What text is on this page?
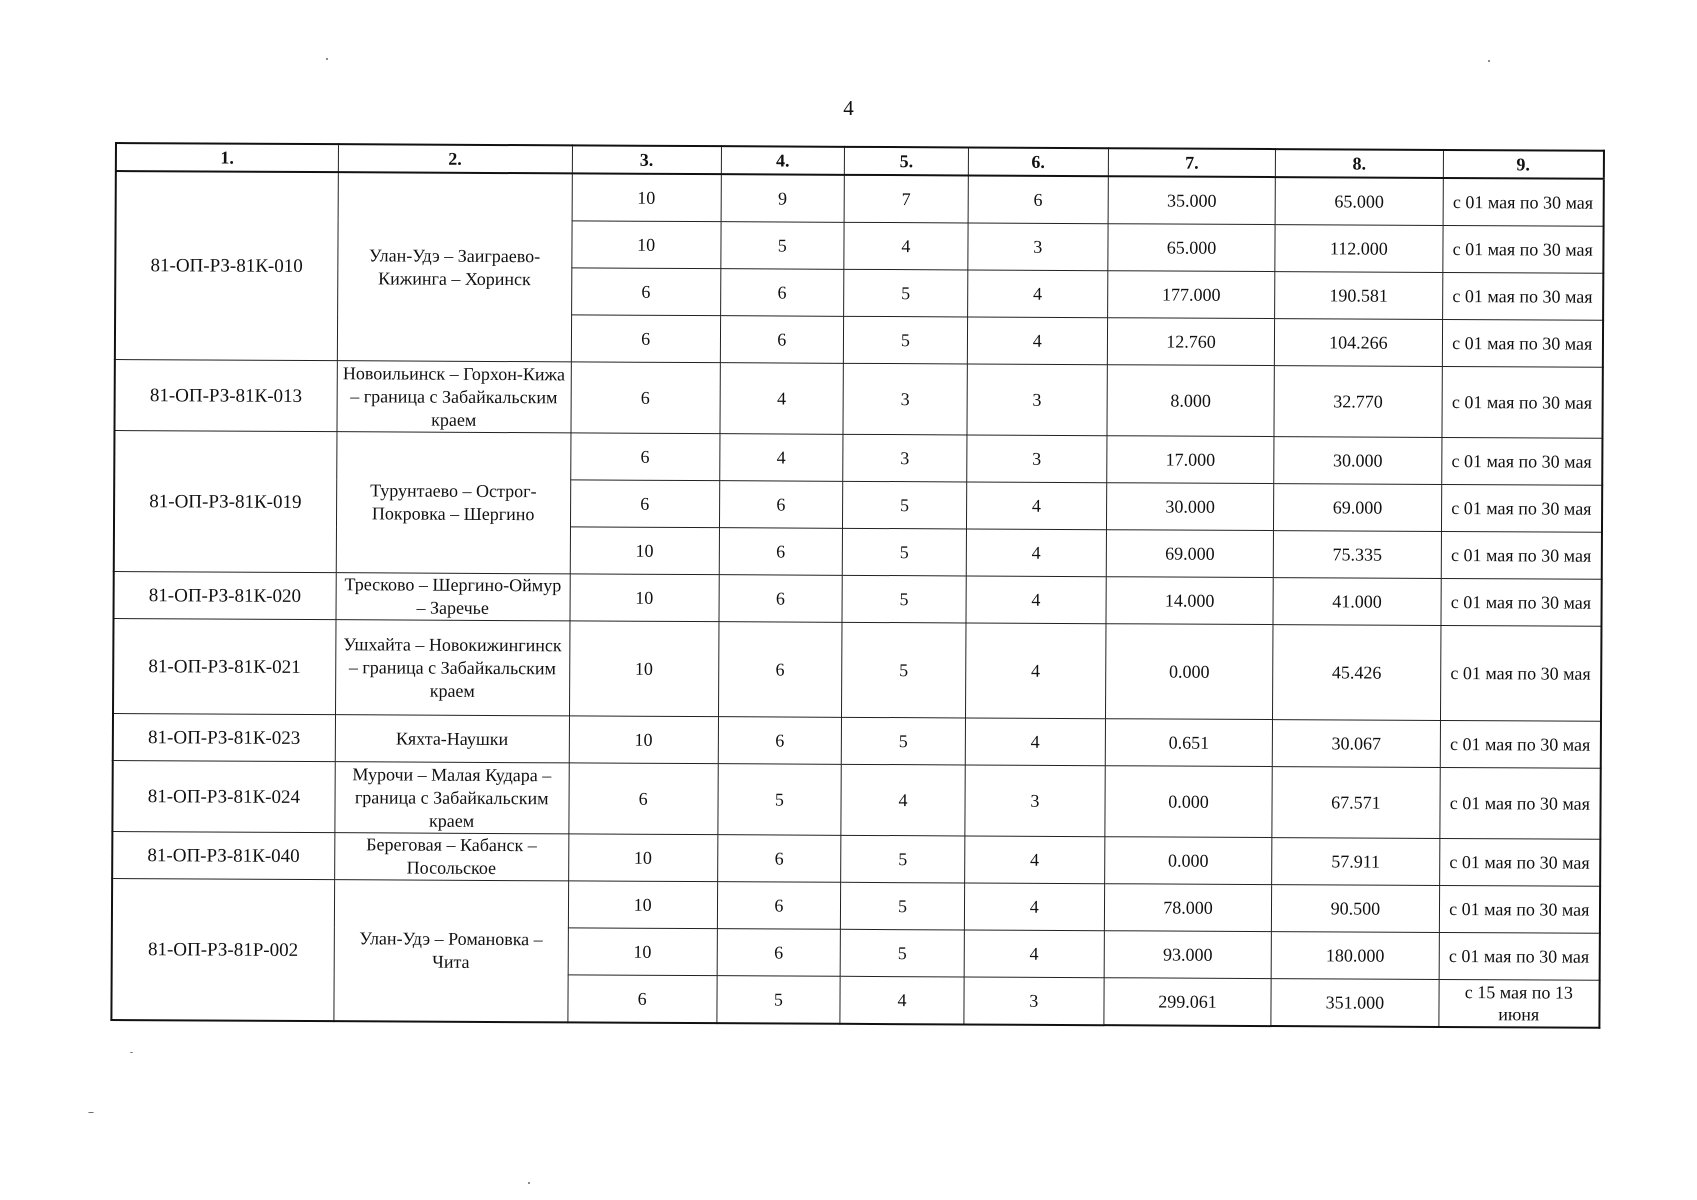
4
1.	2.	3.	4.	5.	6.	7.	8.	9.
81-ОП-РЗ-81К-010	Улан-Удэ – Заиграево-Кижинга – Хоринск	10	9	7	6	35.000	65.000	с 01 мая по 30 мая
		10	5	4	3	65.000	112.000	с 01 мая по 30 мая
		6	6	5	4	177.000	190.581	с 01 мая по 30 мая
		6	6	5	4	12.760	104.266	с 01 мая по 30 мая
81-ОП-РЗ-81К-013	Новоильинск – Горхон-Кижа – граница с Забайкальским краем	6	4	3	3	8.000	32.770	с 01 мая по 30 мая
81-ОП-РЗ-81К-019	Турунтаево – Острог-Покровка – Шергино	6	4	3	3	17.000	30.000	с 01 мая по 30 мая
		6	6	5	4	30.000	69.000	с 01 мая по 30 мая
		10	6	5	4	69.000	75.335	с 01 мая по 30 мая
81-ОП-РЗ-81К-020	Тресково – Шергино-Оймур – Заречье	10	6	5	4	14.000	41.000	с 01 мая по 30 мая
81-ОП-РЗ-81К-021	Ушхайта – Новокижингинск – граница с Забайкальским краем	10	6	5	4	0.000	45.426	с 01 мая по 30 мая
81-ОП-РЗ-81К-023	Кяхта-Наушки	10	6	5	4	0.651	30.067	с 01 мая по 30 мая
81-ОП-РЗ-81К-024	Мурочи – Малая Кудара – граница с Забайкальским краем	6	5	4	3	0.000	67.571	с 01 мая по 30 мая
81-ОП-РЗ-81К-040	Береговая – Кабанск – Посольское	10	6	5	4	0.000	57.911	с 01 мая по 30 мая
81-ОП-РЗ-81Р-002	Улан-Удэ – Романовка – Чита	10	6	5	4	78.000	90.500	с 01 мая по 30 мая
		10	6	5	4	93.000	180.000	с 01 мая по 30 мая
		6	5	4	3	299.061	351.000	с 15 мая по 13 июня
